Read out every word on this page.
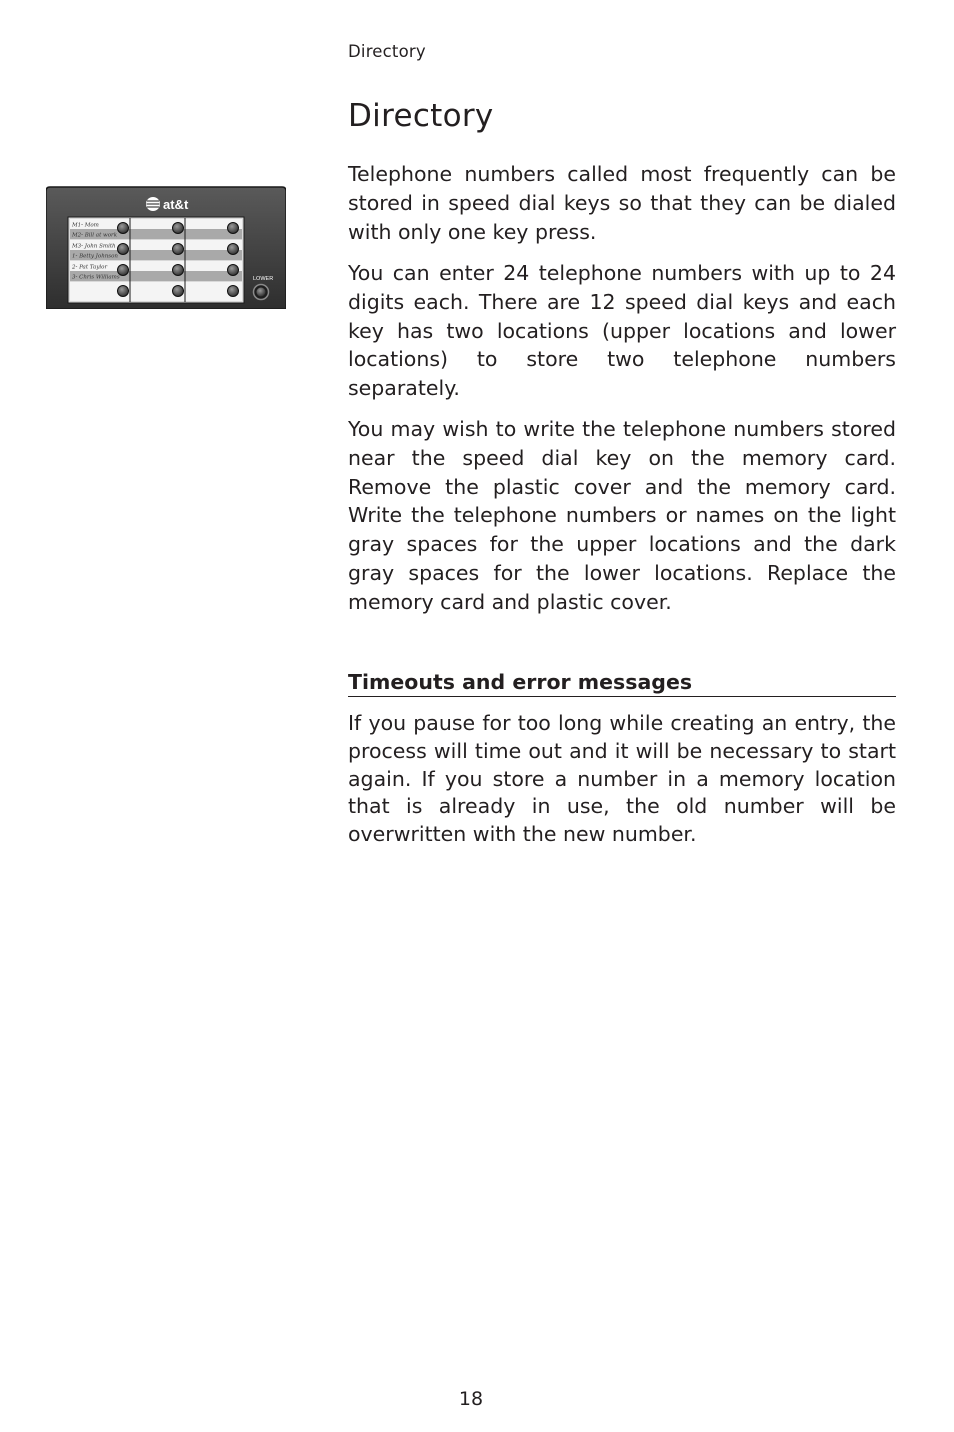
Directory
Directory
at&t
M1- Mom
M2- Bill at work
M3- John Smith
1- Betty Johnson
2- Pat Taylor
3- Chris Williams	LOWER

Telephone numbers called most frequently can be stored in speed dial keys so that they can be dialed with only one key press.

You can enter 24 telephone numbers with up to 24 digits each. There are 12 speed dial keys and each key has two locations (upper locations and lower locations) to store two telephone numbers separately.

You may wish to write the telephone numbers stored near the speed dial key on the memory card. Remove the plastic cover and the memory card. Write the telephone numbers or names on the light gray spaces for the upper locations and the dark gray spaces for the lower locations. Replace the memory card and plastic cover.

Timeouts and error messages

If you pause for too long while creating an entry, the process will time out and it will be necessary to start again. If you store a number in a memory location that is already in use, the old number will be overwritten with the new number.

18
